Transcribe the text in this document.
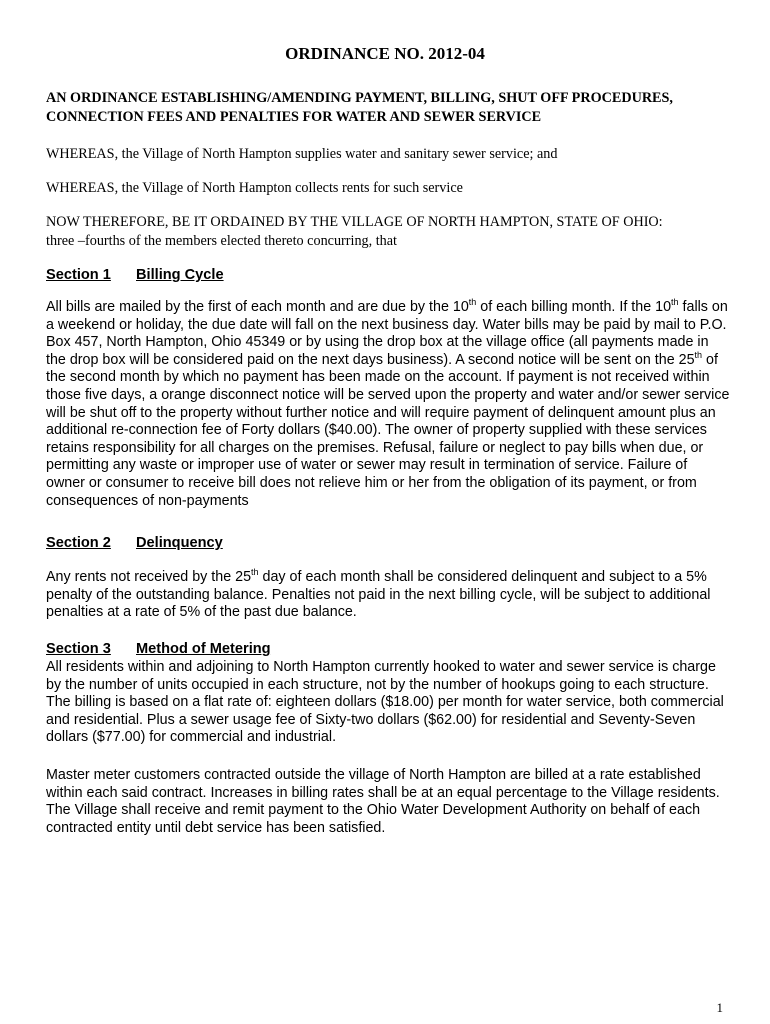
ORDINANCE NO. 2012-04
AN ORDINANCE ESTABLISHING/AMENDING PAYMENT, BILLING, SHUT OFF PROCEDURES, CONNECTION FEES AND PENALTIES FOR WATER AND SEWER SERVICE

WHEREAS, the Village of North Hampton supplies water and sanitary sewer service; and

WHEREAS, the Village of North Hampton collects rents for such service

NOW THEREFORE, BE IT ORDAINED BY THE VILLAGE OF NORTH HAMPTON, STATE OF OHIO:
three –fourths of the members elected thereto concurring, that

Section 1 Billing Cycle

All bills are mailed by the first of each month and are due by the 10th of each billing month. If the 10th falls on a weekend or holiday, the due date will fall on the next business day. Water bills may be paid by mail to P.O. Box 457, North Hampton, Ohio 45349 or by using the drop box at the village office (all payments made in the drop box will be considered paid on the next days business). A second notice will be sent on the 25th of the second month by which no payment has been made on the account. If payment is not received within those five days, a orange disconnect notice will be served upon the property and water and/or sewer service will be shut off to the property without further notice and will require payment of delinquent amount plus an additional re-connection fee of Forty dollars ($40.00). The owner of property supplied with these services retains responsibility for all charges on the premises. Refusal, failure or neglect to pay bills when due, or permitting any waste or improper use of water or sewer may result in termination of service. Failure of owner or consumer to receive bill does not relieve him or her from the obligation of its payment, or from consequences of non-payments

Section 2 Delinquency

Any rents not received by the 25th day of each month shall be considered delinquent and subject to a 5% penalty of the outstanding balance. Penalties not paid in the next billing cycle, will be subject to additional penalties at a rate of 5% of the past due balance.

Section 3 Method of Metering

All residents within and adjoining to North Hampton currently hooked to water and sewer service is charge by the number of units occupied in each structure, not by the number of hookups going to each structure. The billing is based on a flat rate of: eighteen dollars ($18.00) per month for water service, both commercial and residential. Plus a sewer usage fee of Sixty-two dollars ($62.00) for residential and Seventy-Seven dollars ($77.00) for commercial and industrial.

Master meter customers contracted outside the village of North Hampton are billed at a rate established within each said contract. Increases in billing rates shall be at an equal percentage to the Village residents. The Village shall receive and remit payment to the Ohio Water Development Authority on behalf of each contracted entity until debt service has been satisfied.

1
